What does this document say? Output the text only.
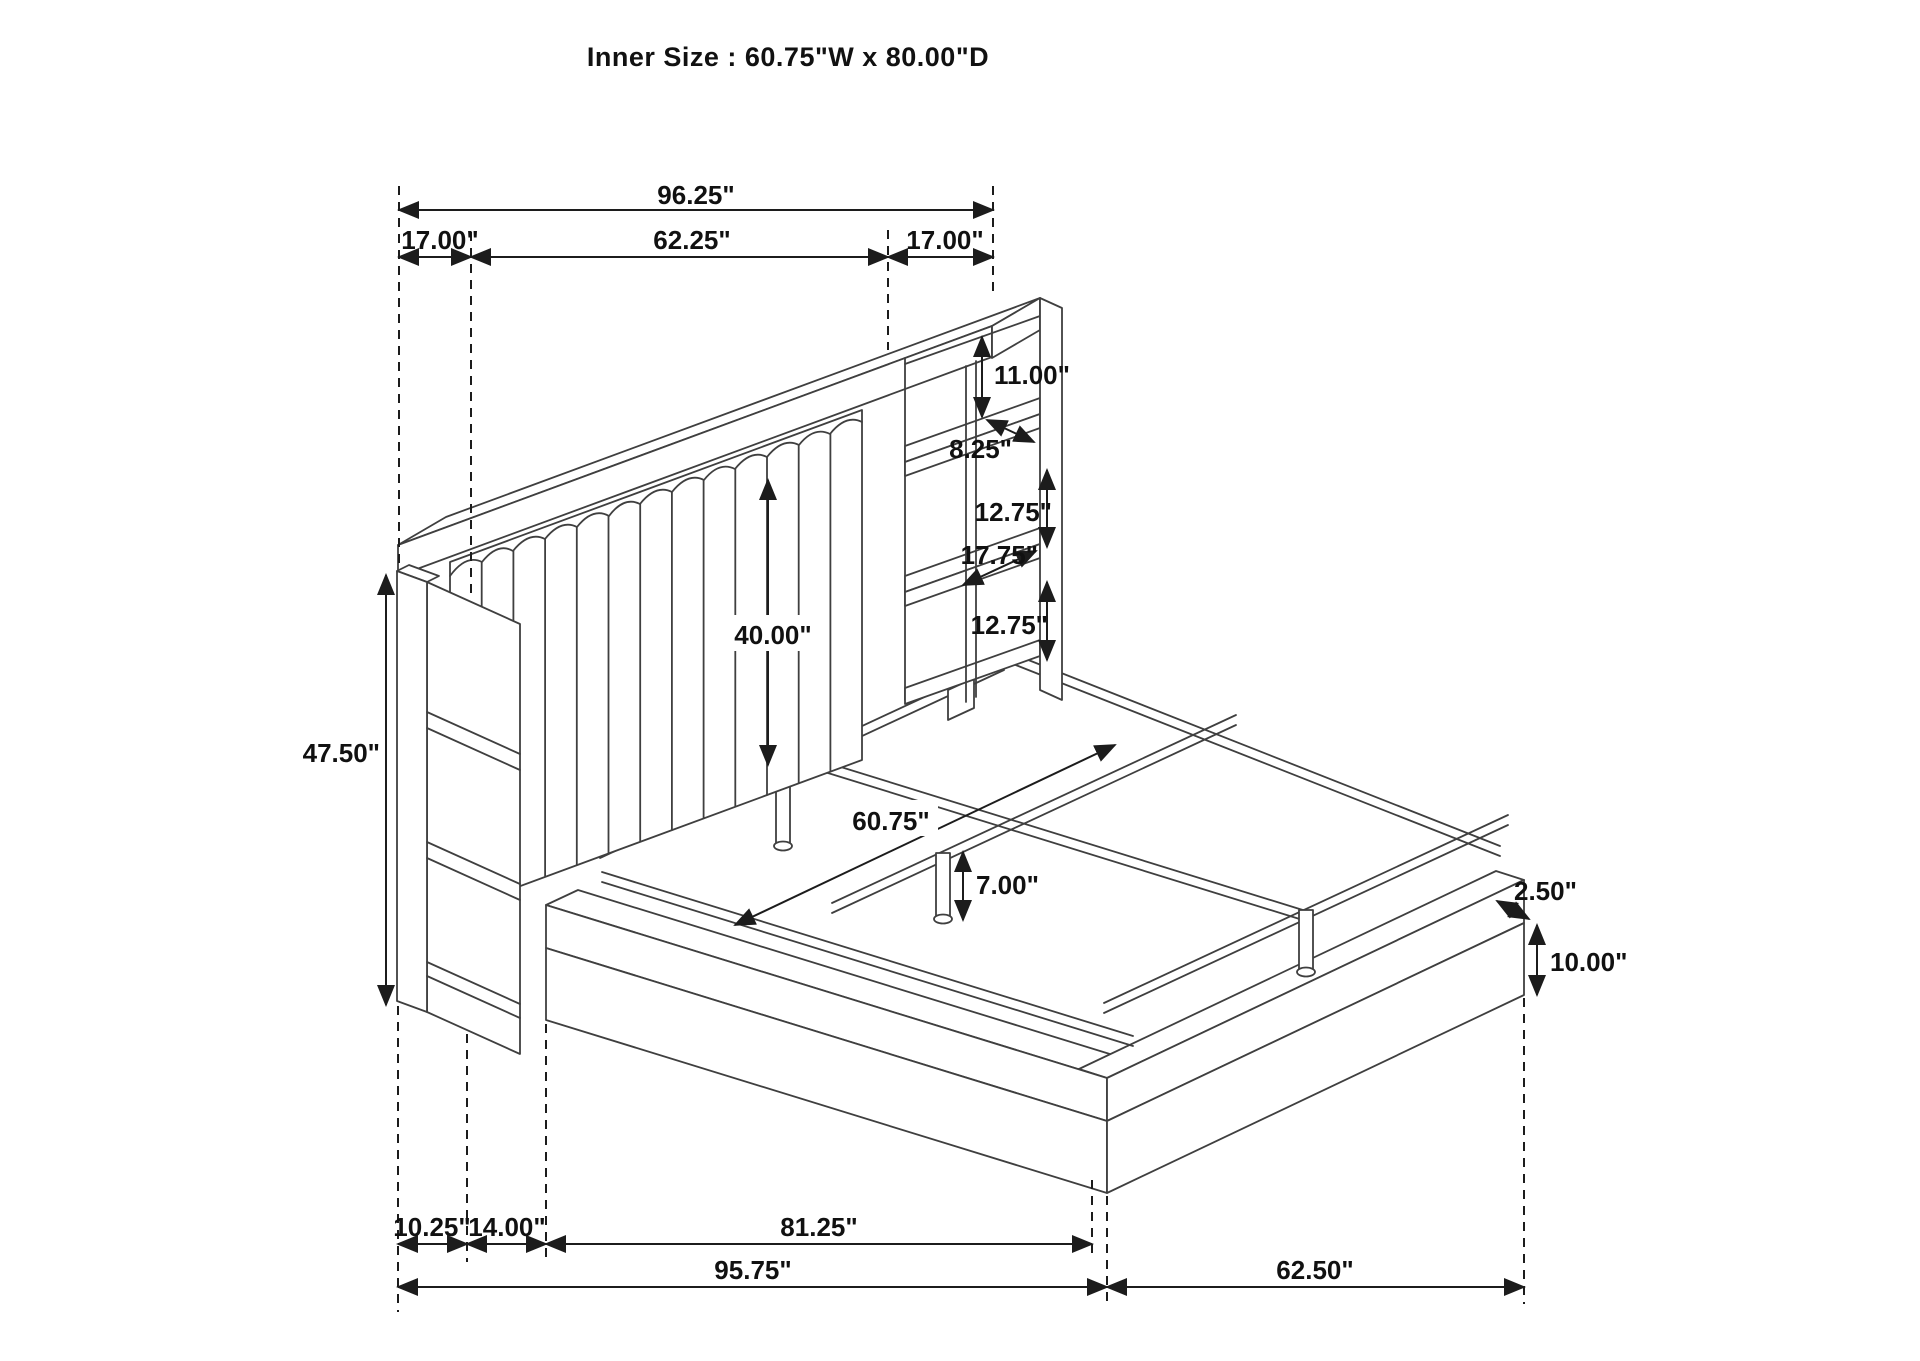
Inner Size : 60.75"W x 80.00"D
96.25"
17.00"	62.25"	17.00"
11.00"
8.25"
12.75"
17.75"
12.75"
40.00"
47.50"
60.75"
7.00"	2.50"
10.00"
10.25"
14.00"	81.25"
95.75"	62.50"
